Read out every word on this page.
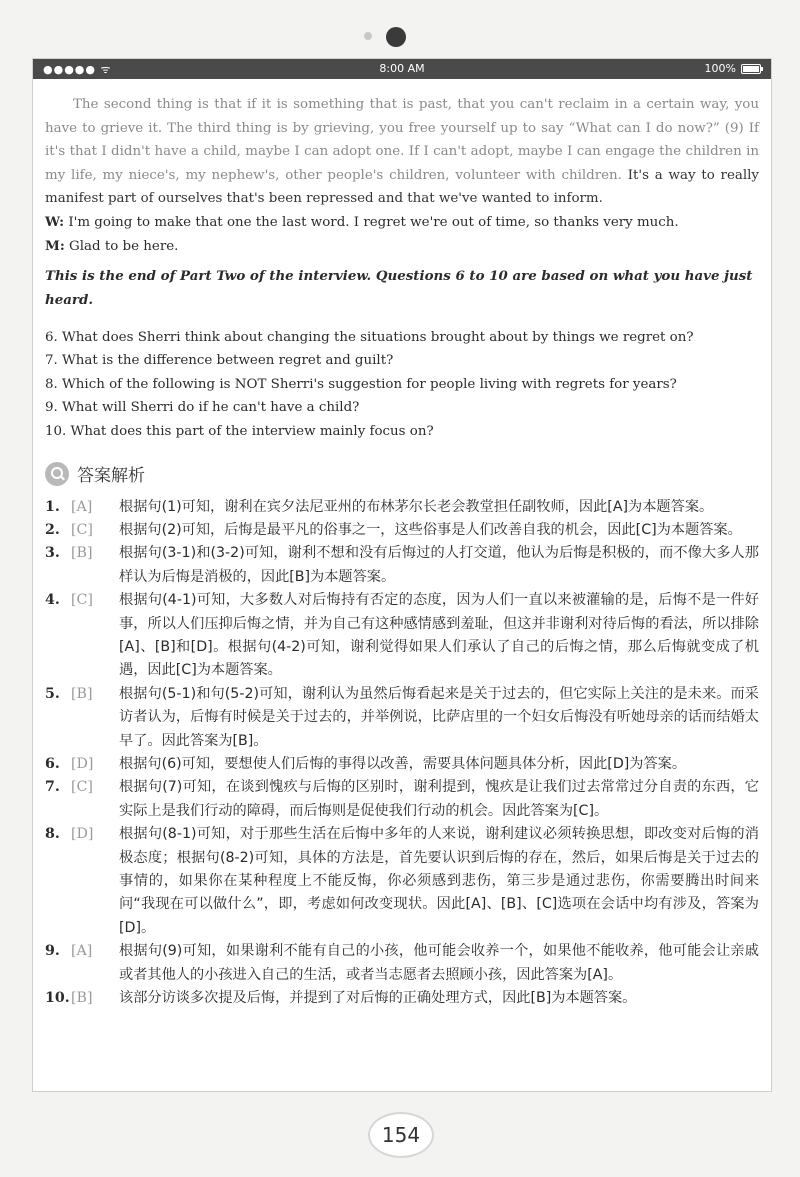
●●●●● ᯤ	8:00 AM	100%

The second thing is that if it is something that is past, that you can't reclaim in a certain way, you have to grieve it. The third thing is by grieving, you free yourself up to say “What can I do now?” (9) If it's that I didn't have a child, maybe I can adopt one. If I can't adopt, maybe I can engage the children in my life, my niece's, my nephew's, other people's children, volunteer with children. It's a way to really manifest part of ourselves that's been repressed and that we've wanted to inform.

W: I'm going to make that one the last word. I regret we're out of time, so thanks very much.

M: Glad to be here.

This is the end of Part Two of the interview. Questions 6 to 10 are based on what you have just heard.

6. What does Sherri think about changing the situations brought about by things we regret on?

7. What is the difference between regret and guilt?

8. Which of the following is NOT Sherri's suggestion for people living with regrets for years?

9. What will Sherri do if he can't have a child?

10. What does this part of the interview mainly focus on?

答案解析
1. [A]	根据句(1)可知，谢利在宾夕法尼亚州的布林茅尔长老会教堂担任副牧师，因此[A]为本题答案。
2. [C]	根据句(2)可知，后悔是最平凡的俗事之一，这些俗事是人们改善自我的机会，因此[C]为本题答案。
3. [B]	根据句(3-1)和(3-2)可知，谢利不想和没有后悔过的人打交道，他认为后悔是积极的，而不像大多人那样认为后悔是消极的，因此[B]为本题答案。
4. [C]	根据句(4-1)可知，大多数人对后悔持有否定的态度，因为人们一直以来被灌输的是，后悔不是一件好事，所以人们压抑后悔之情，并为自己有这种感情感到羞耻，但这并非谢利对待后悔的看法，所以排除[A]、[B]和[D]。根据句(4-2)可知，谢利觉得如果人们承认了自己的后悔之情，那么后悔就变成了机遇，因此[C]为本题答案。
5. [B]	根据句(5-1)和句(5-2)可知，谢利认为虽然后悔看起来是关于过去的，但它实际上关注的是未来。而采访者认为，后悔有时候是关于过去的，并举例说，比萨店里的一个妇女后悔没有听她母亲的话而结婚太早了。因此答案为[B]。
6. [D]	根据句(6)可知，要想使人们后悔的事得以改善，需要具体问题具体分析，因此[D]为答案。
7. [C]	根据句(7)可知，在谈到愧疚与后悔的区别时，谢利提到，愧疚是让我们过去常常过分自责的东西，它实际上是我们行动的障碍，而后悔则是促使我们行动的机会。因此答案为[C]。
8. [D]	根据句(8-1)可知，对于那些生活在后悔中多年的人来说，谢利建议必须转换思想，即改变对后悔的消极态度；根据句(8-2)可知，具体的方法是，首先要认识到后悔的存在，然后，如果后悔是关于过去的事情的，如果你在某种程度上不能反悔，你必须感到悲伤，第三步是通过悲伤，你需要腾出时间来问“我现在可以做什么”，即，考虑如何改变现状。因此[A]、[B]、[C]选项在会话中均有涉及，答案为[D]。
9. [A]	根据句(9)可知，如果谢利不能有自己的小孩，他可能会收养一个，如果他不能收养，他可能会让亲戚或者其他人的小孩进入自己的生活，或者当志愿者去照顾小孩，因此答案为[A]。
10. [B]	该部分访谈多次提及后悔，并提到了对后悔的正确处理方式，因此[B]为本题答案。
154
